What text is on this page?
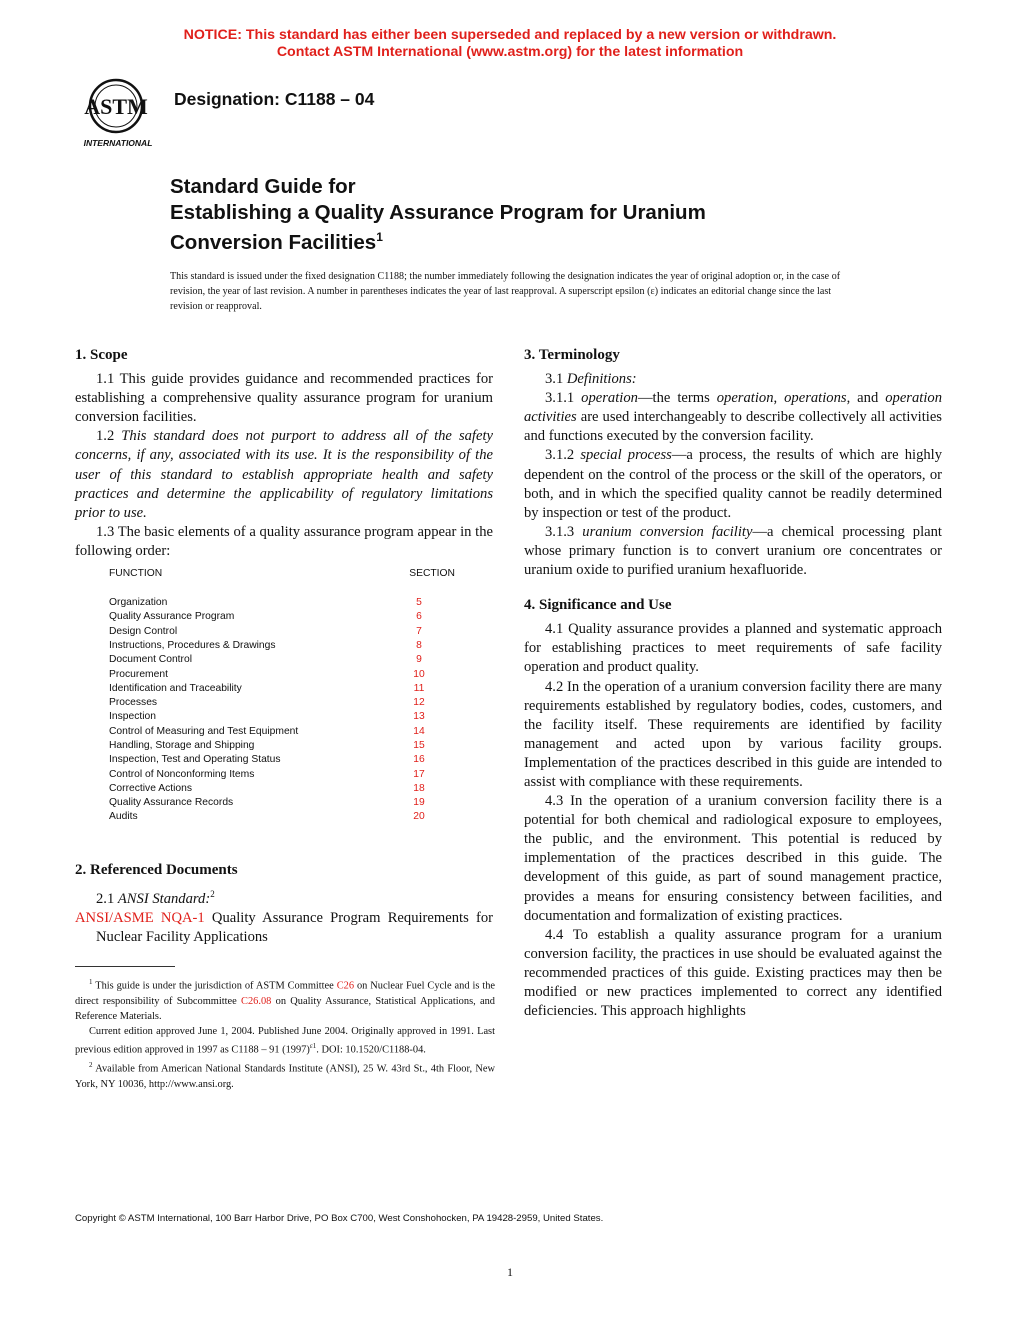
NOTICE: This standard has either been superseded and replaced by a new version or withdrawn.
Contact ASTM International (www.astm.org) for the latest information
ASTM
INTERNATIONAL
Designation: C1188 – 04
Standard Guide for
Establishing a Quality Assurance Program for Uranium
Conversion Facilities$^1$
This standard is issued under the fixed designation C1188; the number immediately following the designation indicates the year of original adoption or, in the case of revision, the year of last revision. A number in parentheses indicates the year of last reapproval. A superscript epsilon (ε) indicates an editorial change since the last revision or reapproval.
1. Scope

1.1 This guide provides guidance and recommended practices for establishing a comprehensive quality assurance program for uranium conversion facilities.

1.2 This standard does not purport to address all of the safety concerns, if any, associated with its use. It is the responsibility of the user of this standard to establish appropriate health and safety practices and determine the applicability of regulatory limitations prior to use.

1.3 The basic elements of a quality assurance program appear in the following order:

FUNCTION	SECTION
Organization	5
Quality Assurance Program	6
Design Control	7
Instructions, Procedures & Drawings	8
Document Control	9
Procurement	10
Identification and Traceability	11
Processes	12
Inspection	13
Control of Measuring and Test Equipment	14
Handling, Storage and Shipping	15
Inspection, Test and Operating Status	16
Control of Nonconforming Items	17
Corrective Actions	18
Quality Assurance Records	19
Audits	20
2. Referenced Documents

2.1 ANSI Standard:$^2$

ANSI/ASME NQA-1 Quality Assurance Program Requirements for Nuclear Facility Applications

3. Terminology

3.1 Definitions:

3.1.1 operation—the terms operation, operations, and operation activities are used interchangeably to describe collectively all activities and functions executed by the conversion facility.

3.1.2 special process—a process, the results of which are highly dependent on the control of the process or the skill of the operators, or both, and in which the specified quality cannot be readily determined by inspection or test of the product.

3.1.3 uranium conversion facility—a chemical processing plant whose primary function is to convert uranium ore concentrates or uranium oxide to purified uranium hexafluoride.

4. Significance and Use

4.1 Quality assurance provides a planned and systematic approach for establishing practices to meet requirements of safe facility operation and product quality.

4.2 In the operation of a uranium conversion facility there are many requirements established by regulatory bodies, codes, customers, and the facility itself. These requirements are identified by facility management and acted upon by various facility groups. Implementation of the practices described in this guide are intended to assist with compliance with these requirements.

4.3 In the operation of a uranium conversion facility there is a potential for both chemical and radiological exposure to employees, the public, and the environment. This potential is reduced by implementation of the practices described in this guide. The development of this guide, as part of sound management practice, provides a means for ensuring consistency between facilities, and documentation and formalization of existing practices.

4.4 To establish a quality assurance program for a uranium conversion facility, the practices in use should be evaluated against the recommended practices of this guide. Existing practices may then be modified or new practices implemented to correct any identified deficiencies. This approach highlights

$^1$ This guide is under the jurisdiction of ASTM Committee C26 on Nuclear Fuel Cycle and is the direct responsibility of Subcommittee C26.08 on Quality Assurance, Statistical Applications, and Reference Materials.

Current edition approved June 1, 2004. Published June 2004. Originally approved in 1991. Last previous edition approved in 1997 as C1188 – 91 $(1997)^{\varepsilon 1}$. DOI: 10.1520/C1188-04.

$^2$ Available from American National Standards Institute (ANSI), 25 W. 43rd St., 4th Floor, New York, NY 10036, http://www.ansi.org.

Copyright © ASTM International, 100 Barr Harbor Drive, PO Box C700, West Conshohocken, PA 19428-2959, United States.
1
